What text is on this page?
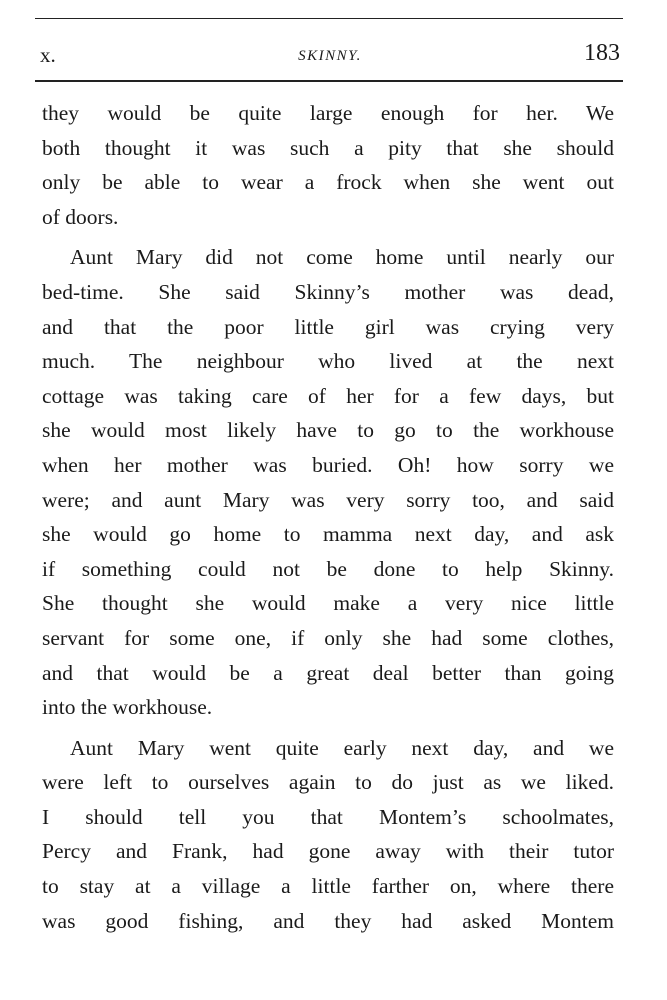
x.	SKINNY.	183
they would be quite large enough for her. We
both thought it was such a pity that she should
only be able to wear a frock when she went out
of doors.
Aunt Mary did not come home until nearly our
bed-time. She said Skinny’s mother was dead,
and that the poor little girl was crying very
much. The neighbour who lived at the next
cottage was taking care of her for a few days, but
she would most likely have to go to the workhouse
when her mother was buried. Oh! how sorry we
were; and aunt Mary was very sorry too, and said
she would go home to mamma next day, and ask
if something could not be done to help Skinny.
She thought she would make a very nice little
servant for some one, if only she had some clothes,
and that would be a great deal better than going
into the workhouse.
Aunt Mary went quite early next day, and we
were left to ourselves again to do just as we liked.
I should tell you that Montem’s schoolmates,
Percy and Frank, had gone away with their tutor
to stay at a village a little farther on, where there
was good fishing, and they had asked Montem
